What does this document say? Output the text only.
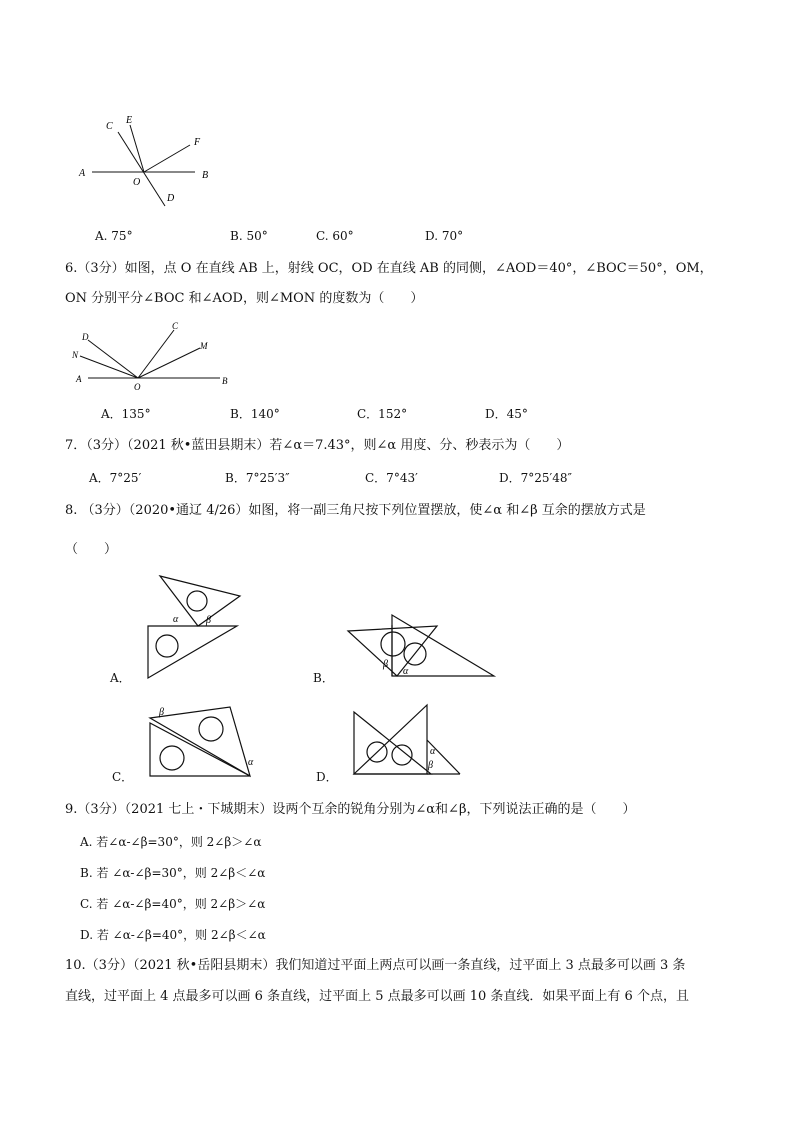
C
E
F
A
O
B
D
A. 75°	B. 50°	C. 60°	D. 70°
6.（3分）如图，点 O 在直线 AB 上，射线 OC，OD 在直线 AB 的同侧，∠AOD＝40°，∠BOC＝50°，OM，
ON 分别平分∠BOC 和∠AOD，则∠MON 的度数为（　　）
D
N
A
C
M
O
B
A．135°	B．140°	C．152°	D．45°
7．（3分）（2021 秋•蓝田县期末）若∠α＝7.43°，则∠α 用度、分、秒表示为（　　）
A．7°25′	B．7°25′3″	C．7°43′	D．7°25′48″
8. （3分）（2020•通辽 4/26）如图，将一副三角尺按下列位置摆放，使∠α 和∠β 互余的摆放方式是
（　　）
α	β
A．
β
α
B．
β
α
C．
α
β
D．
9.（3分）（2021 七上・下城期末）设两个互余的锐角分别为∠α和∠β，下列说法正确的是（　　）
A. 若∠α-∠β=30°，则 2∠β＞∠α
B. 若 ∠α-∠β=30°，则 2∠β＜∠α
C. 若 ∠α-∠β=40°，则 2∠β＞∠α
D. 若 ∠α-∠β=40°，则 2∠β＜∠α
10.（3分）（2021 秋•岳阳县期末）我们知道过平面上两点可以画一条直线，过平面上 3 点最多可以画 3 条
直线，过平面上 4 点最多可以画 6 条直线，过平面上 5 点最多可以画 10 条直线．如果平面上有 6 个点，且
